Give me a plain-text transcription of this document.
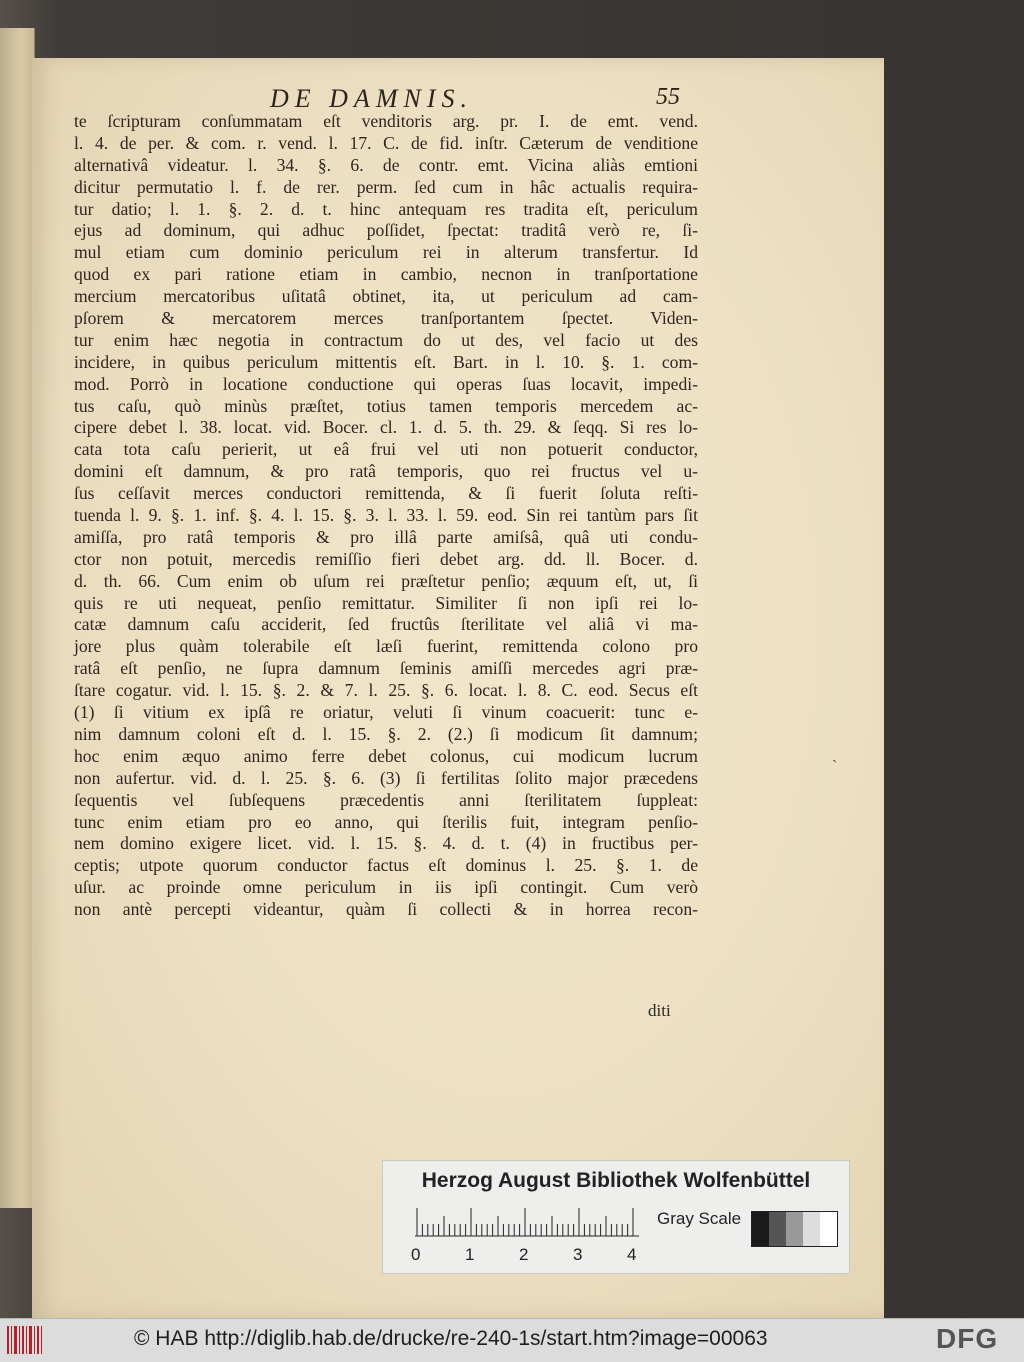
DE DAMNIS.	55
te ſcripturam conſummatam eſt venditoris arg. pr. I. de emt. vend.
l. 4. de per. & com. r. vend. l. 17. C. de fid. inſtr. Cæterum de venditione
alternativâ videatur. l. 34. §. 6. de contr. emt. Vicina aliàs emtioni
dicitur permutatio l. f. de rer. perm. ſed cum in hâc actualis requira-
tur datio; l. 1. §. 2. d. t. hinc antequam res tradita eſt, periculum
ejus ad dominum, qui adhuc poſſidet, ſpectat: traditâ verò re, ſi-
mul etiam cum dominio periculum rei in alterum transfertur. Id
quod ex pari ratione etiam in cambio, necnon in tranſportatione
mercium mercatoribus uſitatâ obtinet, ita, ut periculum ad cam-
pſorem & mercatorem merces tranſportantem ſpectet. Viden-
tur enim hæc negotia in contractum do ut des, vel facio ut des
incidere, in quibus periculum mittentis eſt. Bart. in l. 10. §. 1. com-
mod. Porrò in locatione conductione qui operas ſuas locavit, impedi-
tus caſu, quò minùs præſtet, totius tamen temporis mercedem ac-
cipere debet l. 38. locat. vid. Bocer. cl. 1. d. 5. th. 29. & ſeqq. Si res lo-
cata tota caſu perierit, ut eâ frui vel uti non potuerit conductor,
domini eſt damnum, & pro ratâ temporis, quo rei fructus vel u-
ſus ceſſavit merces conductori remittenda, & ſi fuerit ſoluta reſti-
tuenda l. 9. §. 1. inf. §. 4. l. 15. §. 3. l. 33. l. 59. eod. Sin rei tantùm pars ſit
amiſſa, pro ratâ temporis & pro illâ parte amiſsâ, quâ uti condu-
ctor non potuit, mercedis remiſſio fieri debet arg. dd. ll. Bocer. d.
d. th. 66. Cum enim ob uſum rei præſtetur penſio; æquum eſt, ut, ſi
quis re uti nequeat, penſio remittatur. Similiter ſi non ipſi rei lo-
catæ damnum caſu acciderit, ſed fructûs ſterilitate vel aliâ vi ma-
jore plus quàm tolerabile eſt læſi fuerint, remittenda colono pro
ratâ eſt penſio, ne ſupra damnum ſeminis amiſſi mercedes agri præ-
ſtare cogatur. vid. l. 15. §. 2. & 7. l. 25. §. 6. locat. l. 8. C. eod. Secus eſt
(1) ſi vitium ex ipſâ re oriatur, veluti ſi vinum coacuerit: tunc e-
nim damnum coloni eſt d. l. 15. §. 2. (2.) ſi modicum ſit damnum;
hoc enim æquo animo ferre debet colonus, cui modicum lucrum
non aufertur. vid. d. l. 25. §. 6. (3) ſi fertilitas ſolito major præcedens
ſequentis vel ſubſequens præcedentis anni ſterilitatem ſuppleat:
tunc enim etiam pro eo anno, qui ſterilis fuit, integram penſio-
nem domino exigere licet. vid. l. 15. §. 4. d. t. (4) in fructibus per-
ceptis; utpote quorum conductor factus eſt dominus l. 25. §. 1. de
uſur. ac proinde omne periculum in iis ipſi contingit. Cum verò
non antè percepti videantur, quàm ſi collecti & in horrea recon-
diti
ˋ
Herzog August Bibliothek Wolfenbüttel
0	1	2	3	4
Gray Scale
© HAB http://diglib.hab.de/drucke/re-240-1s/start.htm?image=00063	DFG
